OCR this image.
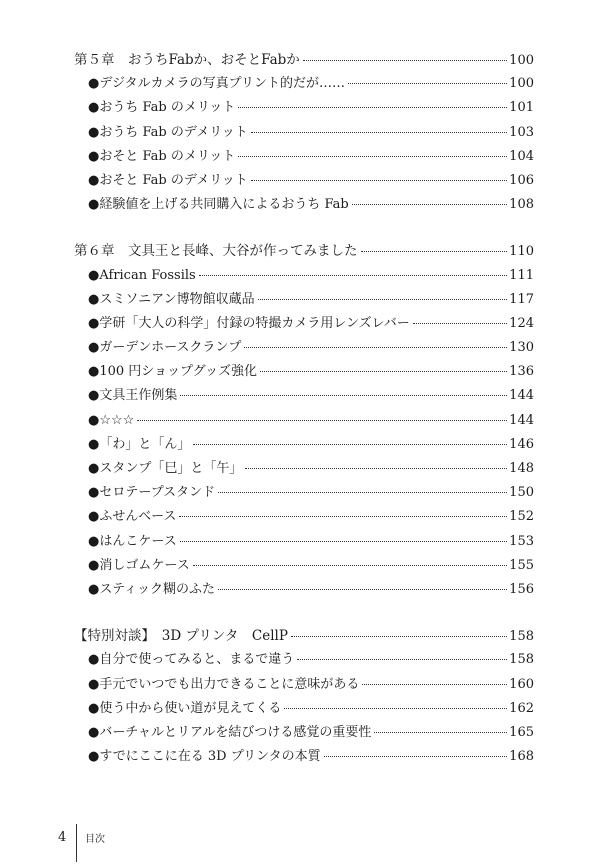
第５章　おうちFabか、おそとFabか	100
●デジタルカメラの写真プリント的だが……	100
●おうち Fab のメリット	101
●おうち Fab のデメリット	103
●おそと Fab のメリット	104
●おそと Fab のデメリット	106
●経験値を上げる共同購入によるおうち Fab	108
第６章　文具王と長峰、大谷が作ってみました	110
●African Fossils	111
●スミソニアン博物館収蔵品	117
●学研「大人の科学」付録の特撮カメラ用レンズレバー	124
●ガーデンホースクランプ	130
●100 円ショップグッズ強化	136
●文具王作例集	144
●☆☆☆	144
●「わ」と「ん」	146
●スタンプ「巳」と「午」	148
●セロテープスタンド	150
●ふせんベース	152
●はんこケース	153
●消しゴムケース	155
●スティック糊のふた	156
【特別対談】　3D プリンタ　CellP	158
●自分で使ってみると、まるで違う	158
●手元でいつでも出力できることに意味がある	160
●使う中から使い道が見えてくる	162
●バーチャルとリアルを結びつける感覚の重要性	165
●すでにここに在る 3D プリンタの本質	168
4	目次
